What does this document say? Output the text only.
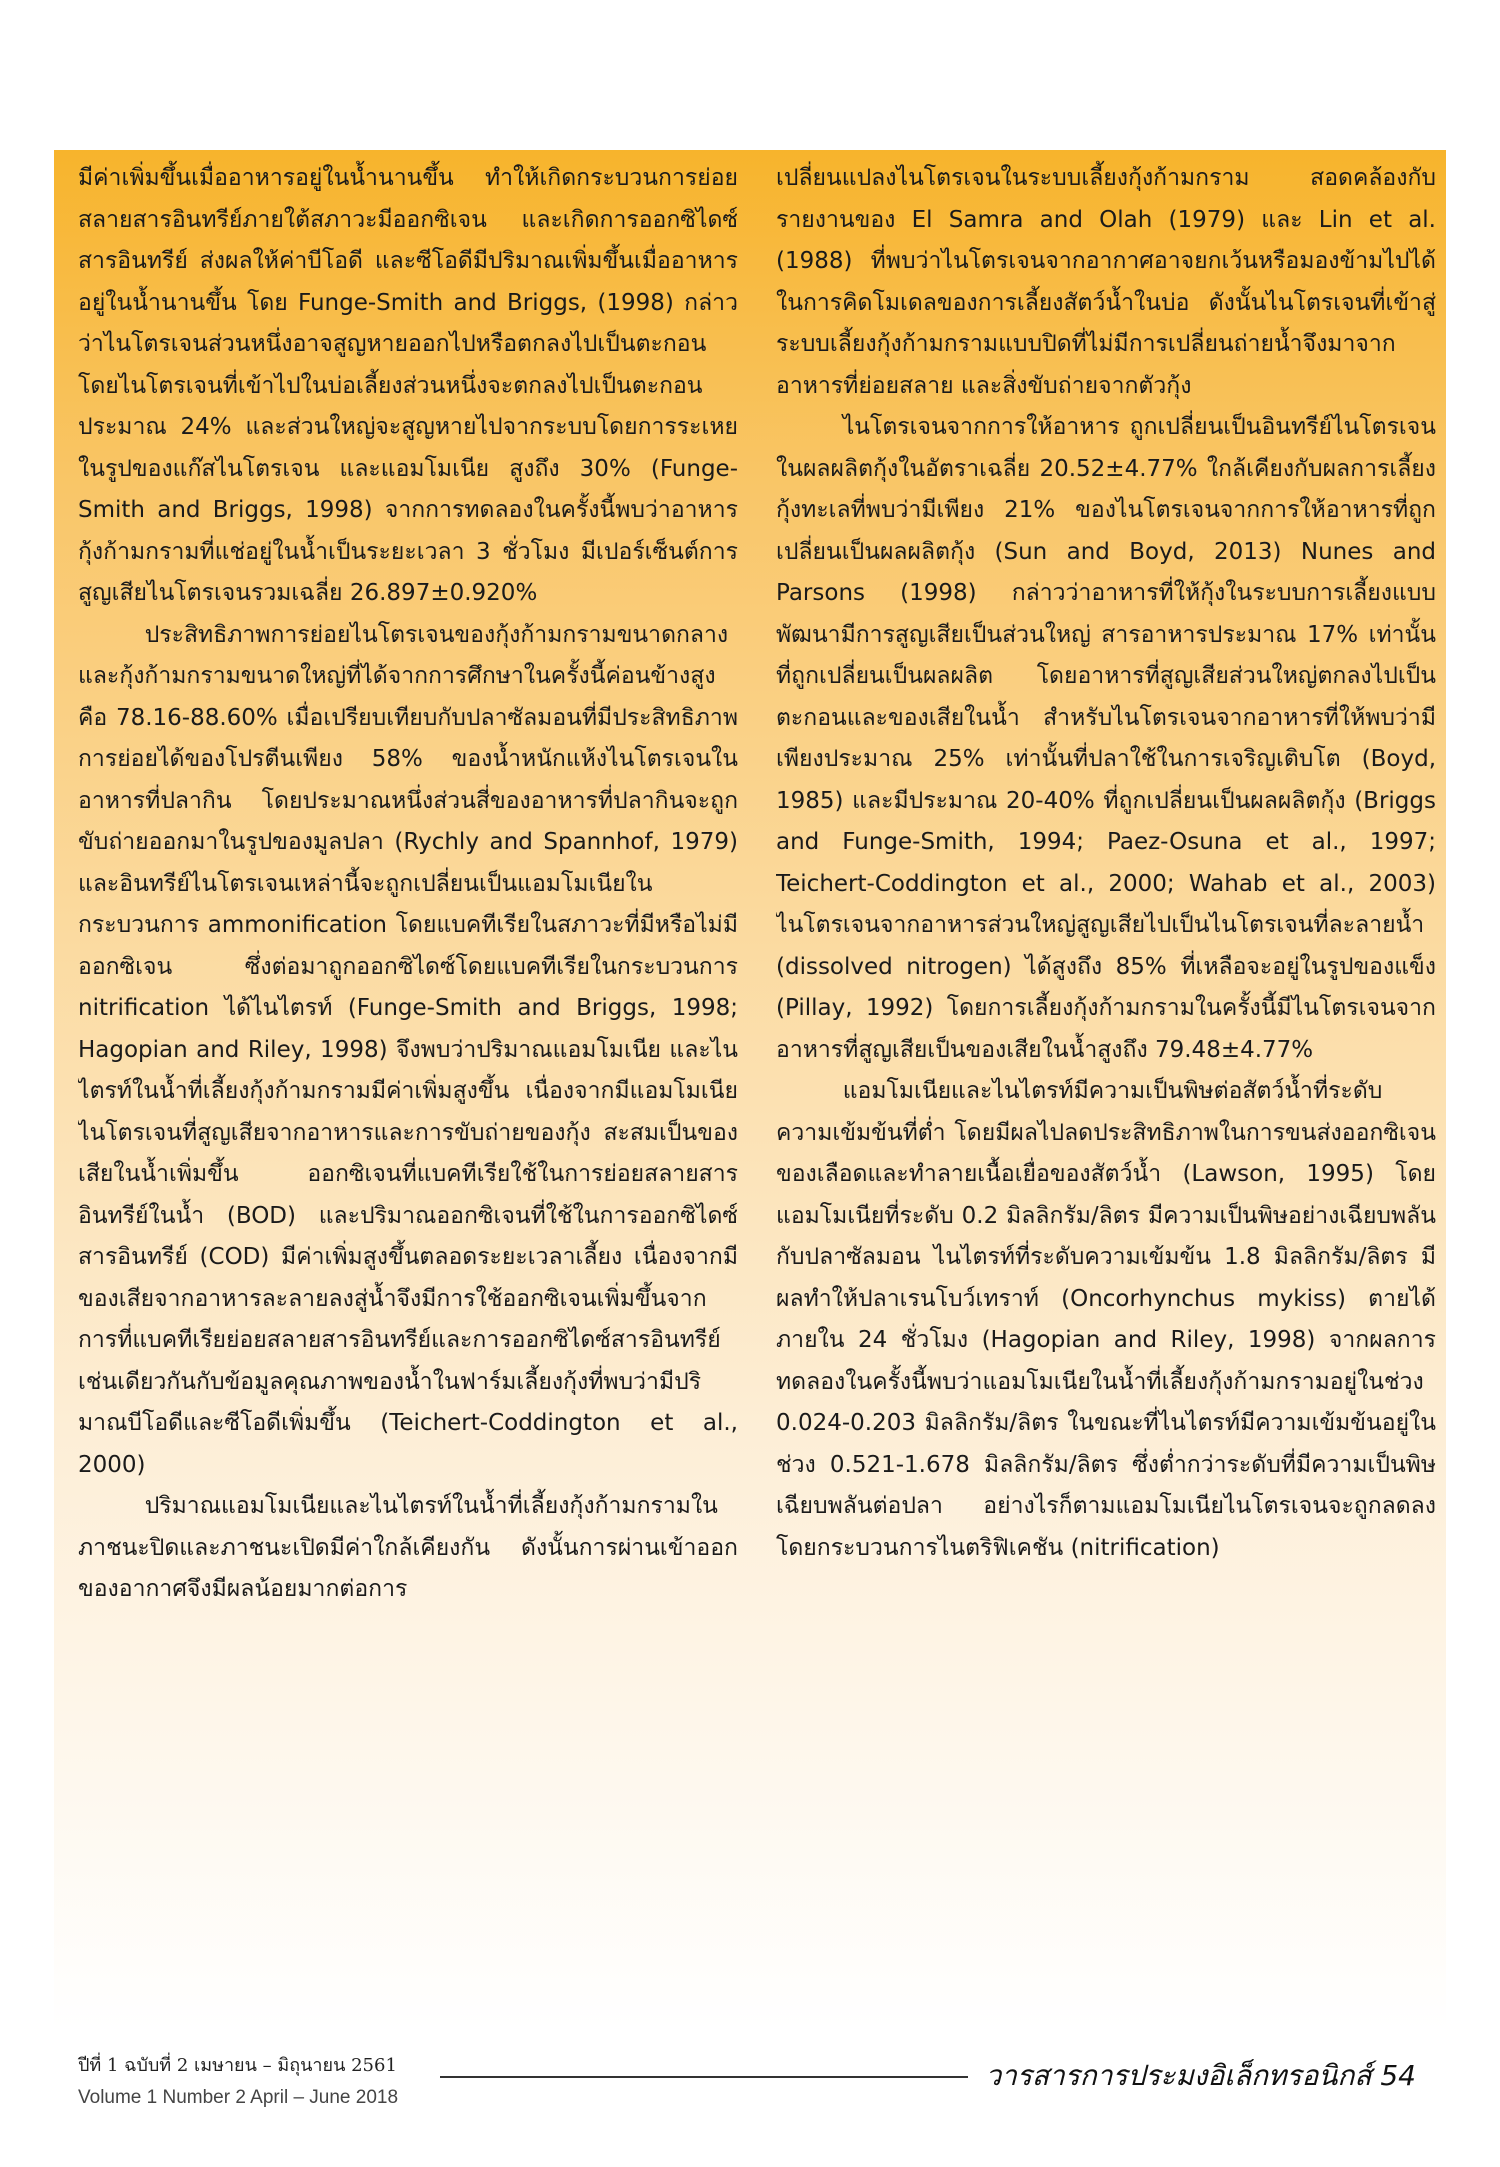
มีค่าเพิ่มขึ้นเมื่ออาหารอยู่ในน้ำนานขึ้น ทำให้เกิดกระบวนการย่อยสลายสารอินทรีย์ภายใต้สภาวะมีออกซิเจน และเกิดการออกซิไดซ์สารอินทรีย์ ส่งผลให้ค่าบีโอดี และซีโอดีมีปริมาณเพิ่มขึ้นเมื่ออาหารอยู่ในน้ำนานขึ้น โดย Funge-Smith and Briggs, (1998) กล่าวว่าไนโตรเจนส่วนหนึ่งอาจสูญหายออกไปหรือตกลงไปเป็นตะกอน โดยไนโตรเจนที่เข้าไปในบ่อเลี้ยงส่วนหนึ่งจะตกลงไปเป็นตะกอนประมาณ 24% และส่วนใหญ่จะสูญหายไปจากระบบโดยการระเหยในรูปของแก๊สไนโตรเจน และแอมโมเนีย สูงถึง 30% (Funge-Smith and Briggs, 1998) จากการทดลองในครั้งนี้พบว่าอาหารกุ้งก้ามกรามที่แช่อยู่ในน้ำเป็นระยะเวลา 3 ชั่วโมง มีเปอร์เซ็นต์การสูญเสียไนโตรเจนรวมเฉลี่ย 26.897±0.920%

ประสิทธิภาพการย่อยไนโตรเจนของกุ้งก้ามกรามขนาดกลางและกุ้งก้ามกรามขนาดใหญ่ที่ได้จากการศึกษาในครั้งนี้ค่อนข้างสูงคือ 78.16-88.60% เมื่อเปรียบเทียบกับปลาซัลมอนที่มีประสิทธิภาพการย่อยได้ของโปรตีนเพียง 58% ของน้ำหนักแห้งไนโตรเจนในอาหารที่ปลากิน โดยประมาณหนึ่งส่วนสี่ของอาหารที่ปลากินจะถูกขับถ่ายออกมาในรูปของมูลปลา (Rychly and Spannhof, 1979) และอินทรีย์ไนโตรเจนเหล่านี้จะถูกเปลี่ยนเป็นแอมโมเนียในกระบวนการ ammonification โดยแบคทีเรียในสภาวะที่มีหรือไม่มีออกซิเจน ซึ่งต่อมาถูกออกซิไดซ์โดยแบคทีเรียในกระบวนการ nitrification ได้ไนไตรท์ (Funge-Smith and Briggs, 1998; Hagopian and Riley, 1998) จึงพบว่าปริมาณแอมโมเนีย และไนไตรท์ในน้ำที่เลี้ยงกุ้งก้ามกรามมีค่าเพิ่มสูงขึ้น เนื่องจากมีแอมโมเนียไนโตรเจนที่สูญเสียจากอาหารและการขับถ่ายของกุ้ง สะสมเป็นของเสียในน้ำเพิ่มขึ้น ออกซิเจนที่แบคทีเรียใช้ในการย่อยสลายสารอินทรีย์ในน้ำ (BOD) และปริมาณออกซิเจนที่ใช้ในการออกซิไดซ์สารอินทรีย์ (COD) มีค่าเพิ่มสูงขึ้นตลอดระยะเวลาเลี้ยง เนื่องจากมีของเสียจากอาหารละลายลงสู่น้ำจึงมีการใช้ออกซิเจนเพิ่มขึ้นจากการที่แบคทีเรียย่อยสลายสารอินทรีย์และการออกซิไดซ์สารอินทรีย์ เช่นเดียวกันกับข้อมูลคุณภาพของน้ำในฟาร์มเลี้ยงกุ้งที่พบว่ามีปริมาณบีโอดีและซีโอดีเพิ่มขึ้น (Teichert-Coddington et al., 2000)

ปริมาณแอมโมเนียและไนไตรท์ในน้ำที่เลี้ยงกุ้งก้ามกรามในภาชนะปิดและภาชนะเปิดมีค่าใกล้เคียงกัน ดังนั้นการผ่านเข้าออกของอากาศจึงมีผลน้อยมากต่อการ

เปลี่ยนแปลงไนโตรเจนในระบบเลี้ยงกุ้งก้ามกราม สอดคล้องกับรายงานของ El Samra and Olah (1979) และ Lin et al. (1988) ที่พบว่าไนโตรเจนจากอากาศอาจยกเว้นหรือมองข้ามไปได้ในการคิดโมเดลของการเลี้ยงสัตว์น้ำในบ่อ ดังนั้นไนโตรเจนที่เข้าสู่ระบบเลี้ยงกุ้งก้ามกรามแบบปิดที่ไม่มีการเปลี่ยนถ่ายน้ำจึงมาจากอาหารที่ย่อยสลาย และสิ่งขับถ่ายจากตัวกุ้ง

ไนโตรเจนจากการให้อาหาร ถูกเปลี่ยนเป็นอินทรีย์ไนโตรเจนในผลผลิตกุ้งในอัตราเฉลี่ย 20.52±4.77% ใกล้เคียงกับผลการเลี้ยงกุ้งทะเลที่พบว่ามีเพียง 21% ของไนโตรเจนจากการให้อาหารที่ถูกเปลี่ยนเป็นผลผลิตกุ้ง (Sun and Boyd, 2013) Nunes and Parsons (1998) กล่าวว่าอาหารที่ให้กุ้งในระบบการเลี้ยงแบบพัฒนามีการสูญเสียเป็นส่วนใหญ่ สารอาหารประมาณ 17% เท่านั้นที่ถูกเปลี่ยนเป็นผลผลิต โดยอาหารที่สูญเสียส่วนใหญ่ตกลงไปเป็นตะกอนและของเสียในน้ำ สำหรับไนโตรเจนจากอาหารที่ให้พบว่ามีเพียงประมาณ 25% เท่านั้นที่ปลาใช้ในการเจริญเติบโต (Boyd, 1985) และมีประมาณ 20-40% ที่ถูกเปลี่ยนเป็นผลผลิตกุ้ง (Briggs and Funge-Smith, 1994; Paez-Osuna et al., 1997; Teichert-Coddington et al., 2000; Wahab et al., 2003) ไนโตรเจนจากอาหารส่วนใหญ่สูญเสียไปเป็นไนโตรเจนที่ละลายน้ำ (dissolved nitrogen) ได้สูงถึง 85% ที่เหลือจะอยู่ในรูปของแข็ง (Pillay, 1992) โดยการเลี้ยงกุ้งก้ามกรามในครั้งนี้มีไนโตรเจนจากอาหารที่สูญเสียเป็นของเสียในน้ำสูงถึง 79.48±4.77%

แอมโมเนียและไนไตรท์มีความเป็นพิษต่อสัตว์น้ำที่ระดับความเข้มข้นที่ต่ำ โดยมีผลไปลดประสิทธิภาพในการขนส่งออกซิเจนของเลือดและทำลายเนื้อเยื่อของสัตว์น้ำ (Lawson, 1995) โดยแอมโมเนียที่ระดับ 0.2 มิลลิกรัม/ลิตร มีความเป็นพิษอย่างเฉียบพลันกับปลาซัลมอน ไนไตรท์ที่ระดับความเข้มข้น 1.8 มิลลิกรัม/ลิตร มีผลทำให้ปลาเรนโบว์เทราท์ (Oncorhynchus mykiss) ตายได้ภายใน 24 ชั่วโมง (Hagopian and Riley, 1998) จากผลการทดลองในครั้งนี้พบว่าแอมโมเนียในน้ำที่เลี้ยงกุ้งก้ามกรามอยู่ในช่วง 0.024-0.203 มิลลิกรัม/ลิตร ในขณะที่ไนไตรท์มีความเข้มข้นอยู่ในช่วง 0.521-1.678 มิลลิกรัม/ลิตร ซึ่งต่ำกว่าระดับที่มีความเป็นพิษเฉียบพลันต่อปลา อย่างไรก็ตามแอมโมเนียไนโตรเจนจะถูกลดลงโดยกระบวนการไนตริฟิเคชัน (nitrification)

ปีที่ 1 ฉบับที่ 2 เมษายน – มิถุนายน 2561
Volume 1 Number 2 April – June 2018
วารสารการประมงอิเล็กทรอนิกส์ 54
